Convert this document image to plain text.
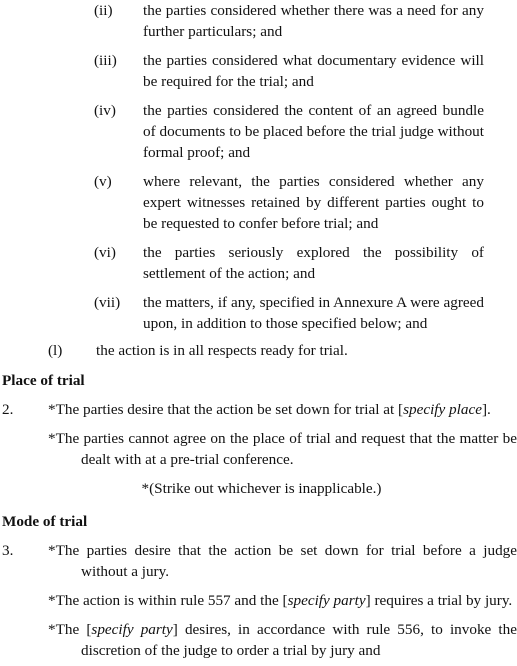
(ii)	the parties considered whether there was a need for any further particulars; and
(iii)	the parties considered what documentary evidence will be required for the trial; and
(iv)	the parties considered the content of an agreed bundle of documents to be placed before the trial judge without formal proof; and
(v)	where relevant, the parties considered whether any expert witnesses retained by different parties ought to be requested to confer before trial; and
(vi)	the parties seriously explored the possibility of settlement of the action; and
(vii)	the matters, if any, specified in Annexure A were agreed upon, in addition to those specified below; and
(l) the action is in all respects ready for trial.
Place of trial
2. *The parties desire that the action be set down for trial at [specify place].
*The parties cannot agree on the place of trial and request that the matter be dealt with at a pre-trial conference.
*(Strike out whichever is inapplicable.)
Mode of trial
3. *The parties desire that the action be set down for trial before a judge without a jury.
*The action is within rule 557 and the [specify party] requires a trial by jury.
*The [specify party] desires, in accordance with rule 556, to invoke the discretion of the judge to order a trial by jury and
